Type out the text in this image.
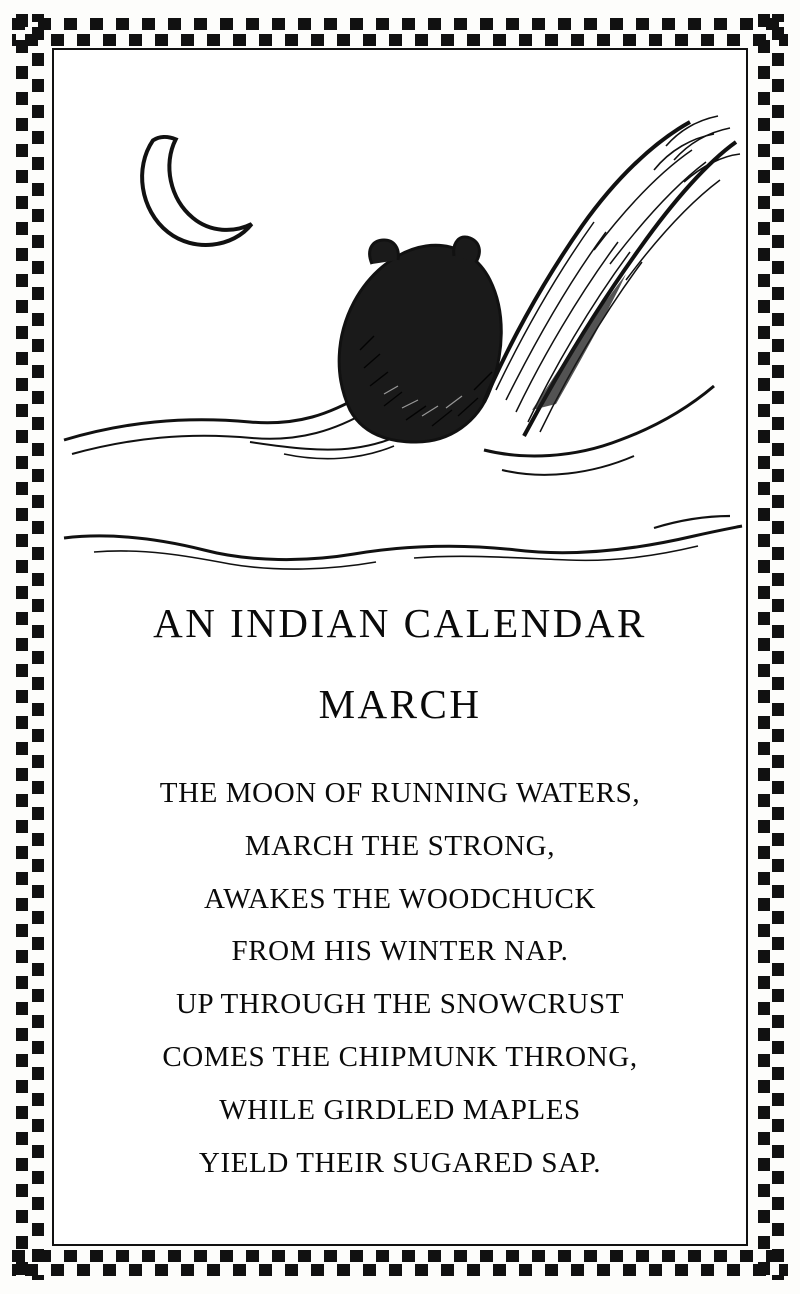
AN INDIAN CALENDAR
MARCH
THE MOON OF RUNNING WATERS,
MARCH THE STRONG,
AWAKES THE WOODCHUCK
FROM HIS WINTER NAP.
UP THROUGH THE SNOWCRUST
COMES THE CHIPMUNK THRONG,
WHILE GIRDLED MAPLES
YIELD THEIR SUGARED SAP.
